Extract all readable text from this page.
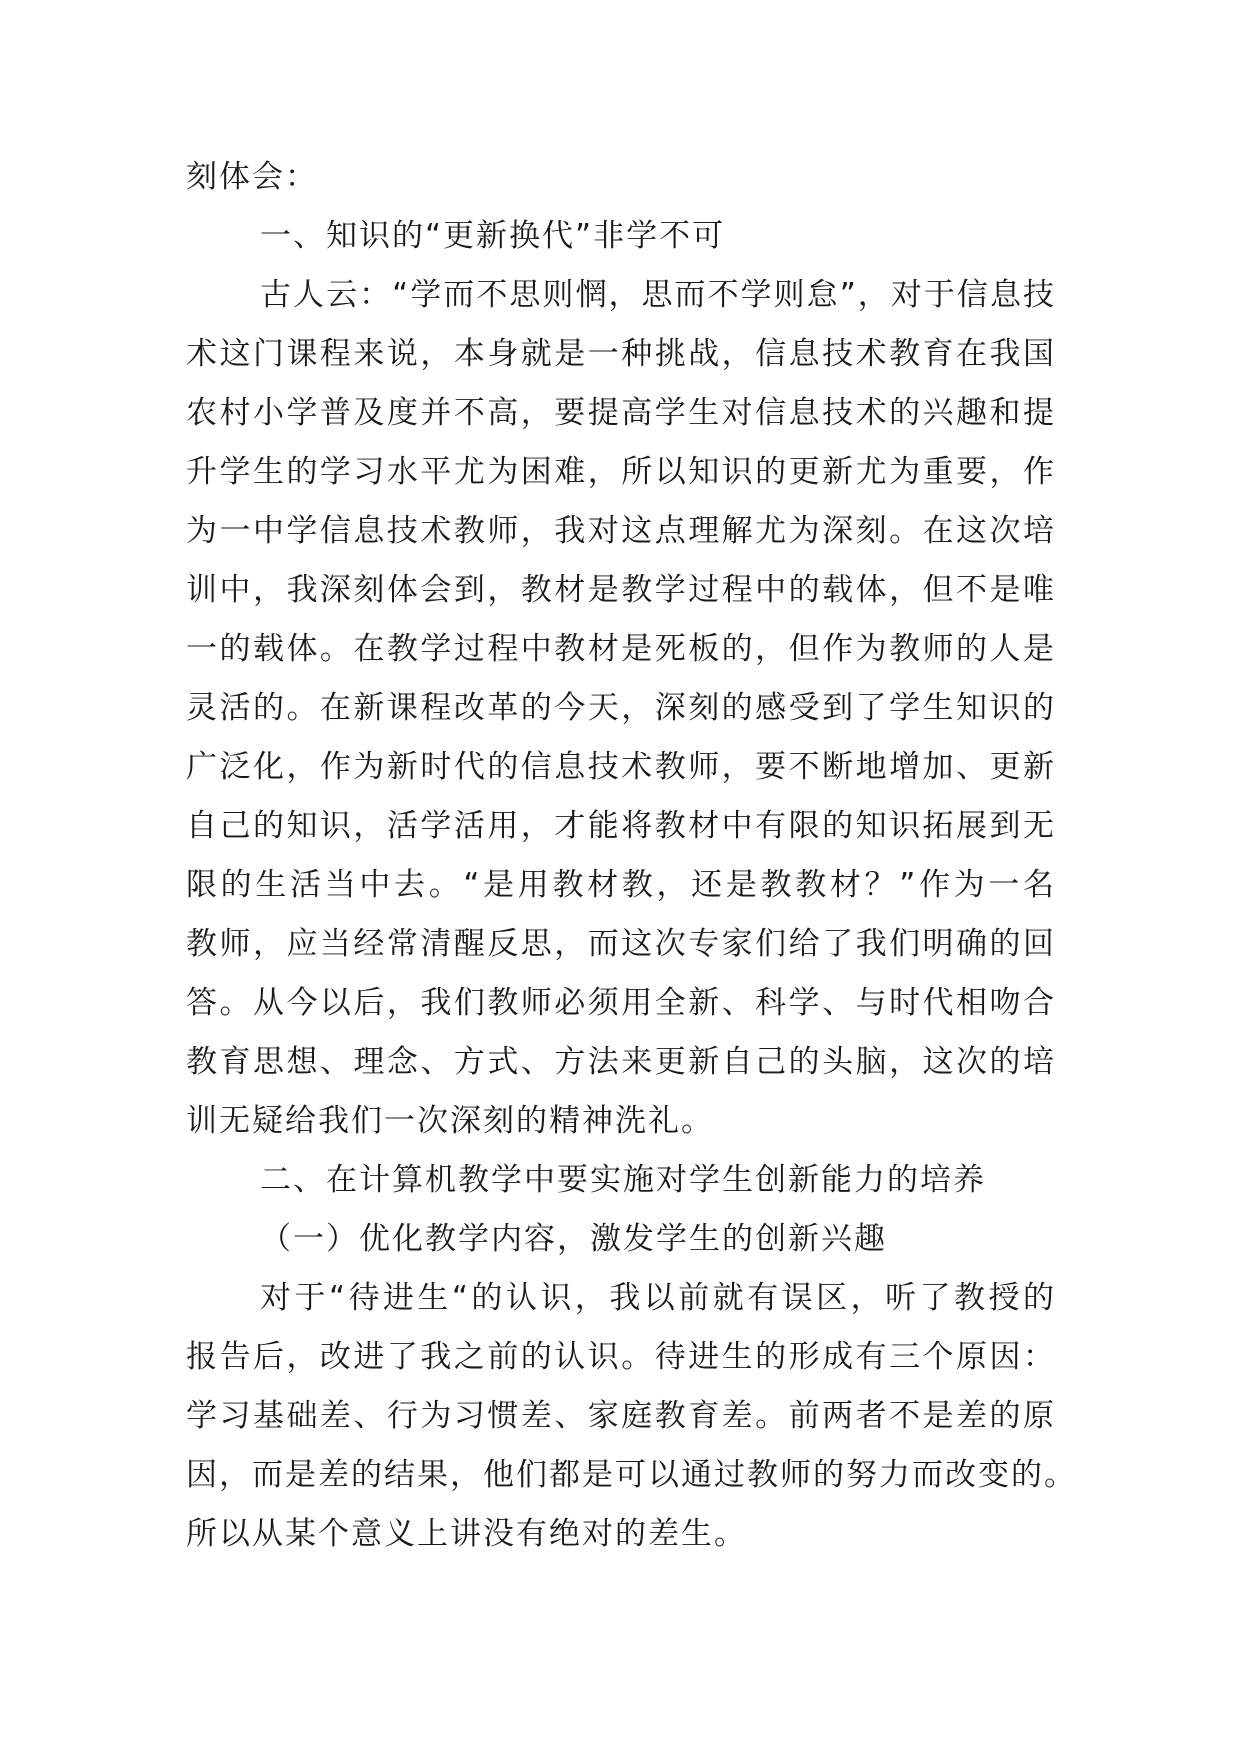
刻体会：
一、知识的“更新换代”非学不可
古人云：“学而不思则惘，思而不学则怠”，对于信息技
术这门课程来说，本身就是一种挑战，信息技术教育在我国
农村小学普及度并不高，要提高学生对信息技术的兴趣和提
升学生的学习水平尤为困难，所以知识的更新尤为重要，作
为一中学信息技术教师，我对这点理解尤为深刻。在这次培
训中，我深刻体会到，教材是教学过程中的载体，但不是唯
一的载体。在教学过程中教材是死板的，但作为教师的人是
灵活的。在新课程改革的今天，深刻的感受到了学生知识的
广泛化，作为新时代的信息技术教师，要不断地增加、更新
自己的知识，活学活用，才能将教材中有限的知识拓展到无
限的生活当中去。“是用教材教，还是教教材？”作为一名
教师，应当经常清醒反思，而这次专家们给了我们明确的回
答。从今以后，我们教师必须用全新、科学、与时代相吻合
教育思想、理念、方式、方法来更新自己的头脑，这次的培
训无疑给我们一次深刻的精神洗礼。
二、在计算机教学中要实施对学生创新能力的培养
（一）优化教学内容，激发学生的创新兴趣
对于“待进生“的认识，我以前就有误区，听了教授的
报告后，改进了我之前的认识。待进生的形成有三个原因：
学习基础差、行为习惯差、家庭教育差。前两者不是差的原
因，而是差的结果，他们都是可以通过教师的努力而改变的。
所以从某个意义上讲没有绝对的差生。
